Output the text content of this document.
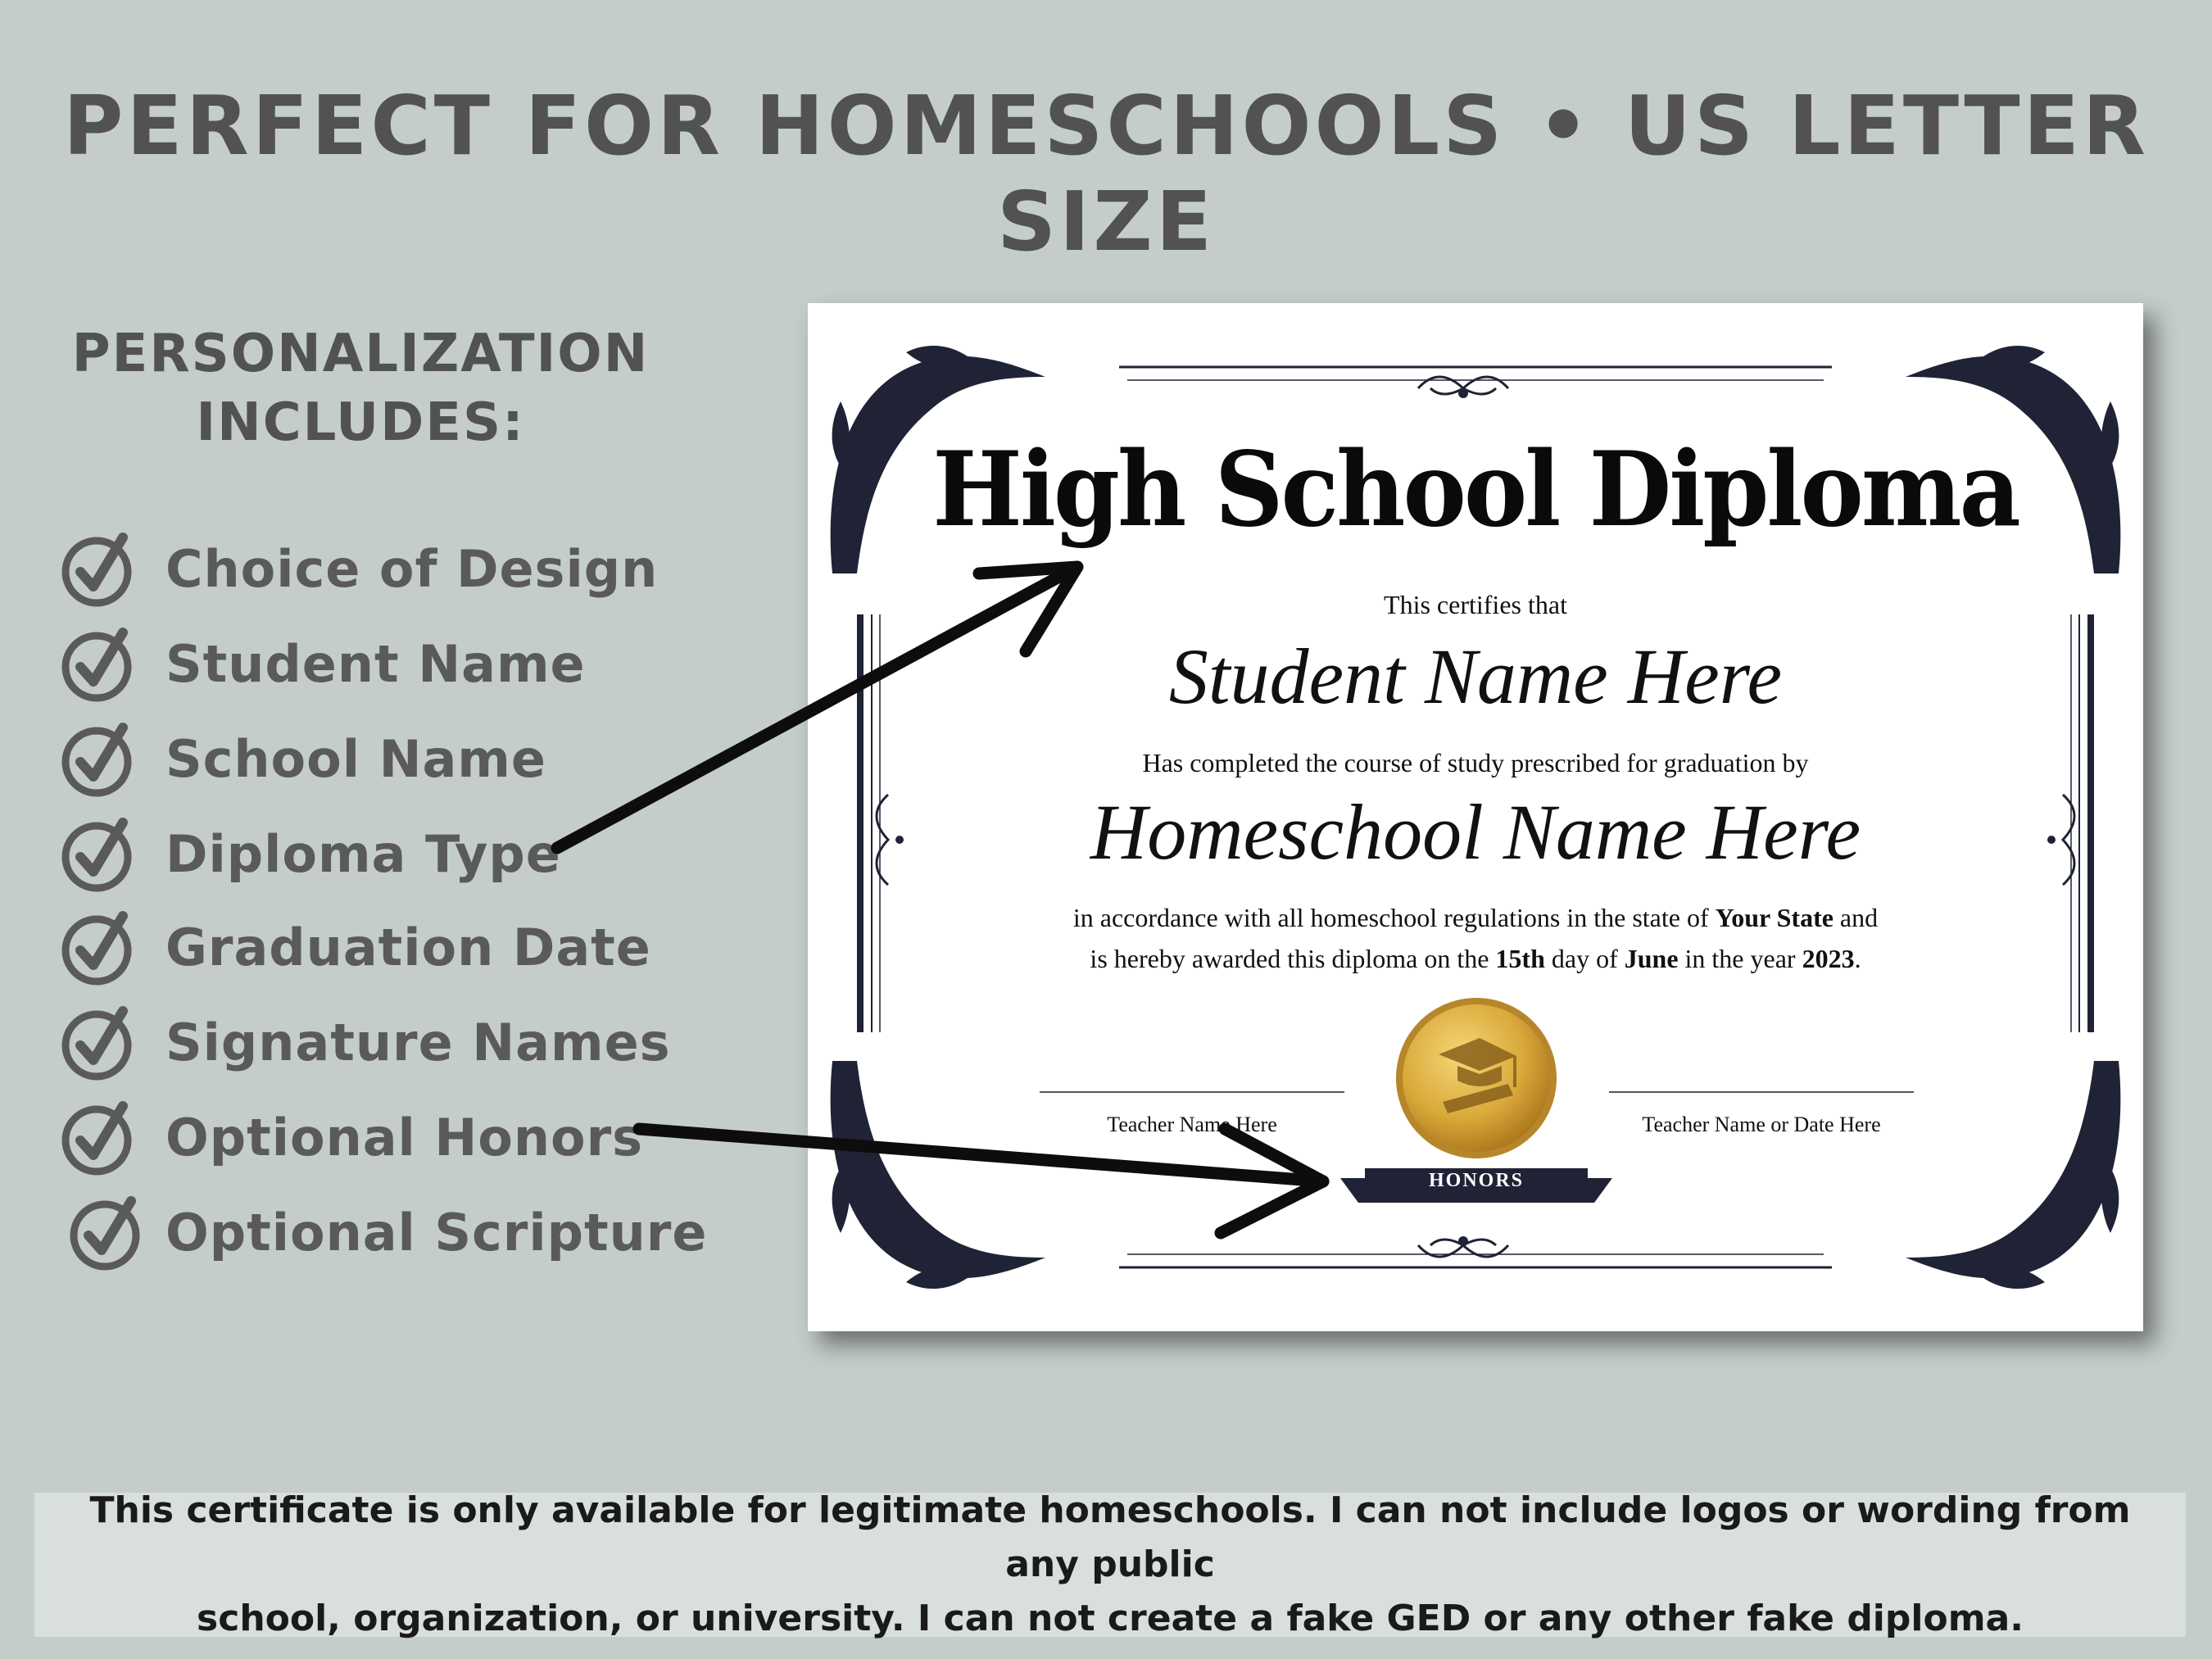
PERFECT FOR HOMESCHOOLS • US LETTER SIZE
PERSONALIZATION
INCLUDES:
Choice of Design
Student Name
School Name
Diploma Type
Graduation Date
Signature Names
Optional Honors
Optional Scripture
High School Diploma
This certifies that
Student Name Here
Has completed the course of study prescribed for graduation by
Homeschool Name Here
in accordance with all homeschool regulations in the state of Your State and
is hereby awarded this diploma on the 15th day of June in the year 2023.
Teacher Name Here	Teacher Name or Date Here
HONORS

This certificate is only available for legitimate homeschools. I can not include logos or wording from any public
school, organization, or university. I can not create a fake GED or any other fake diploma.
